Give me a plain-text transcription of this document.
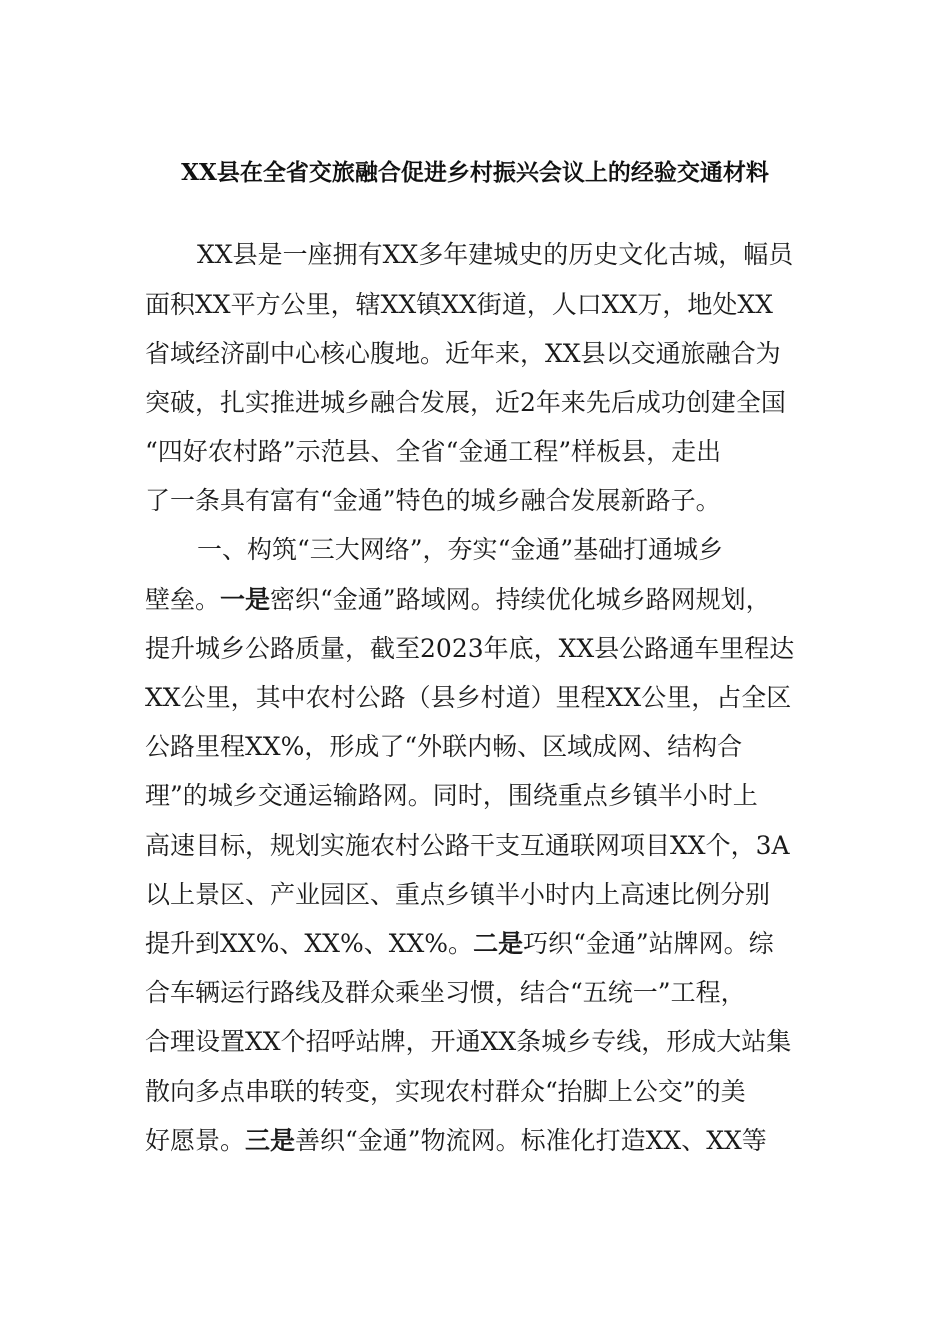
XX县在全省交旅融合促进乡村振兴会议上的经验交通材料

XX县是一座拥有XX多年建城史的历史文化古城，幅员

面积XX平方公里，辖XX镇XX街道，人口XX万，地处XX

省域经济副中心核心腹地。近年来，XX县以交通旅融合为

突破，扎实推进城乡融合发展，近2年来先后成功创建全国

“四好农村路”示范县、全省“金通工程”样板县，走出

了一条具有富有“金通”特色的城乡融合发展新路子。

一、构筑“三大网络”，夯实“金通”基础打通城乡

壁垒。一是密织“金通”路域网。持续优化城乡路网规划，

提升城乡公路质量，截至2023年底，XX县公路通车里程达

XX公里，其中农村公路（县乡村道）里程XX公里，占全区

公路里程XX%，形成了“外联内畅、区域成网、结构合

理”的城乡交通运输路网。同时，围绕重点乡镇半小时上

高速目标，规划实施农村公路干支互通联网项目XX个，3A

以上景区、产业园区、重点乡镇半小时内上高速比例分别

提升到XX%、XX%、XX%。二是巧织“金通”站牌网。综

合车辆运行路线及群众乘坐习惯，结合“五统一”工程，

合理设置XX个招呼站牌，开通XX条城乡专线，形成大站集

散向多点串联的转变，实现农村群众“抬脚上公交”的美

好愿景。三是善织“金通”物流网。标准化打造XX、XX等
